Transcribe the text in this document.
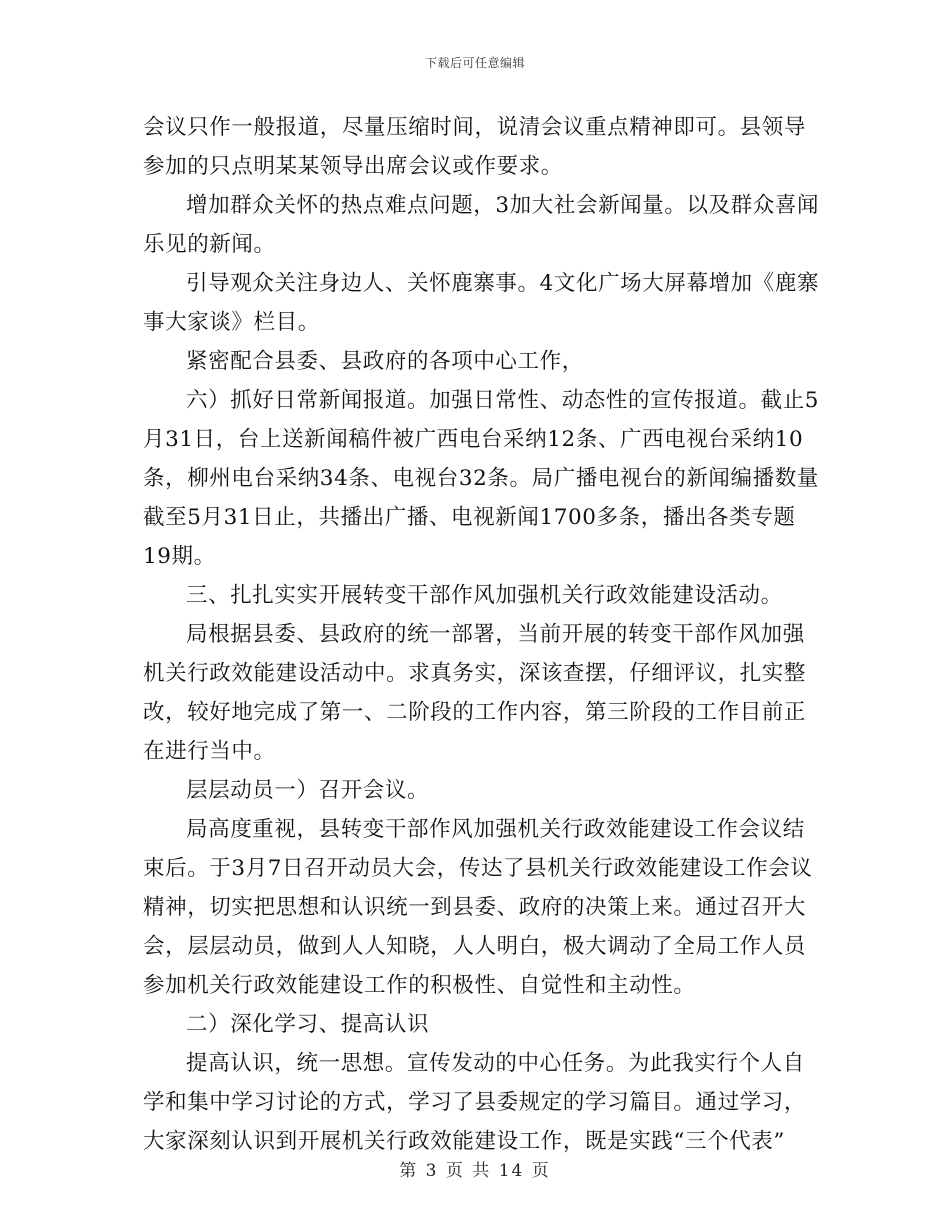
下载后可任意编辑
会议只作一般报道，尽量压缩时间，说清会议重点精神即可。县领导
参加的只点明某某领导出席会议或作要求。
增加群众关怀的热点难点问题，3加大社会新闻量。以及群众喜闻
乐见的新闻。
引导观众关注身边人、关怀鹿寨事。4文化广场大屏幕增加《鹿寨
事大家谈》栏目。
紧密配合县委、县政府的各项中心工作，
六）抓好日常新闻报道。加强日常性、动态性的宣传报道。截止5
月31日，台上送新闻稿件被广西电台采纳12条、广西电视台采纳10
条，柳州电台采纳34条、电视台32条。局广播电视台的新闻编播数量
截至5月31日止，共播出广播、电视新闻1700多条，播出各类专题
19期。
三、扎扎实实开展转变干部作风加强机关行政效能建设活动。
局根据县委、县政府的统一部署，当前开展的转变干部作风加强
机关行政效能建设活动中。求真务实，深该查摆，仔细评议，扎实整
改，较好地完成了第一、二阶段的工作内容，第三阶段的工作目前正
在进行当中。
层层动员一）召开会议。
局高度重视，县转变干部作风加强机关行政效能建设工作会议结
束后。于3月7日召开动员大会，传达了县机关行政效能建设工作会议
精神，切实把思想和认识统一到县委、政府的决策上来。通过召开大
会，层层动员，做到人人知晓，人人明白，极大调动了全局工作人员
参加机关行政效能建设工作的积极性、自觉性和主动性。
二）深化学习、提高认识
提高认识，统一思想。宣传发动的中心任务。为此我实行个人自
学和集中学习讨论的方式，学习了县委规定的学习篇目。通过学习，
大家深刻认识到开展机关行政效能建设工作，既是实践“三个代表”
第 3 页 共 14 页
